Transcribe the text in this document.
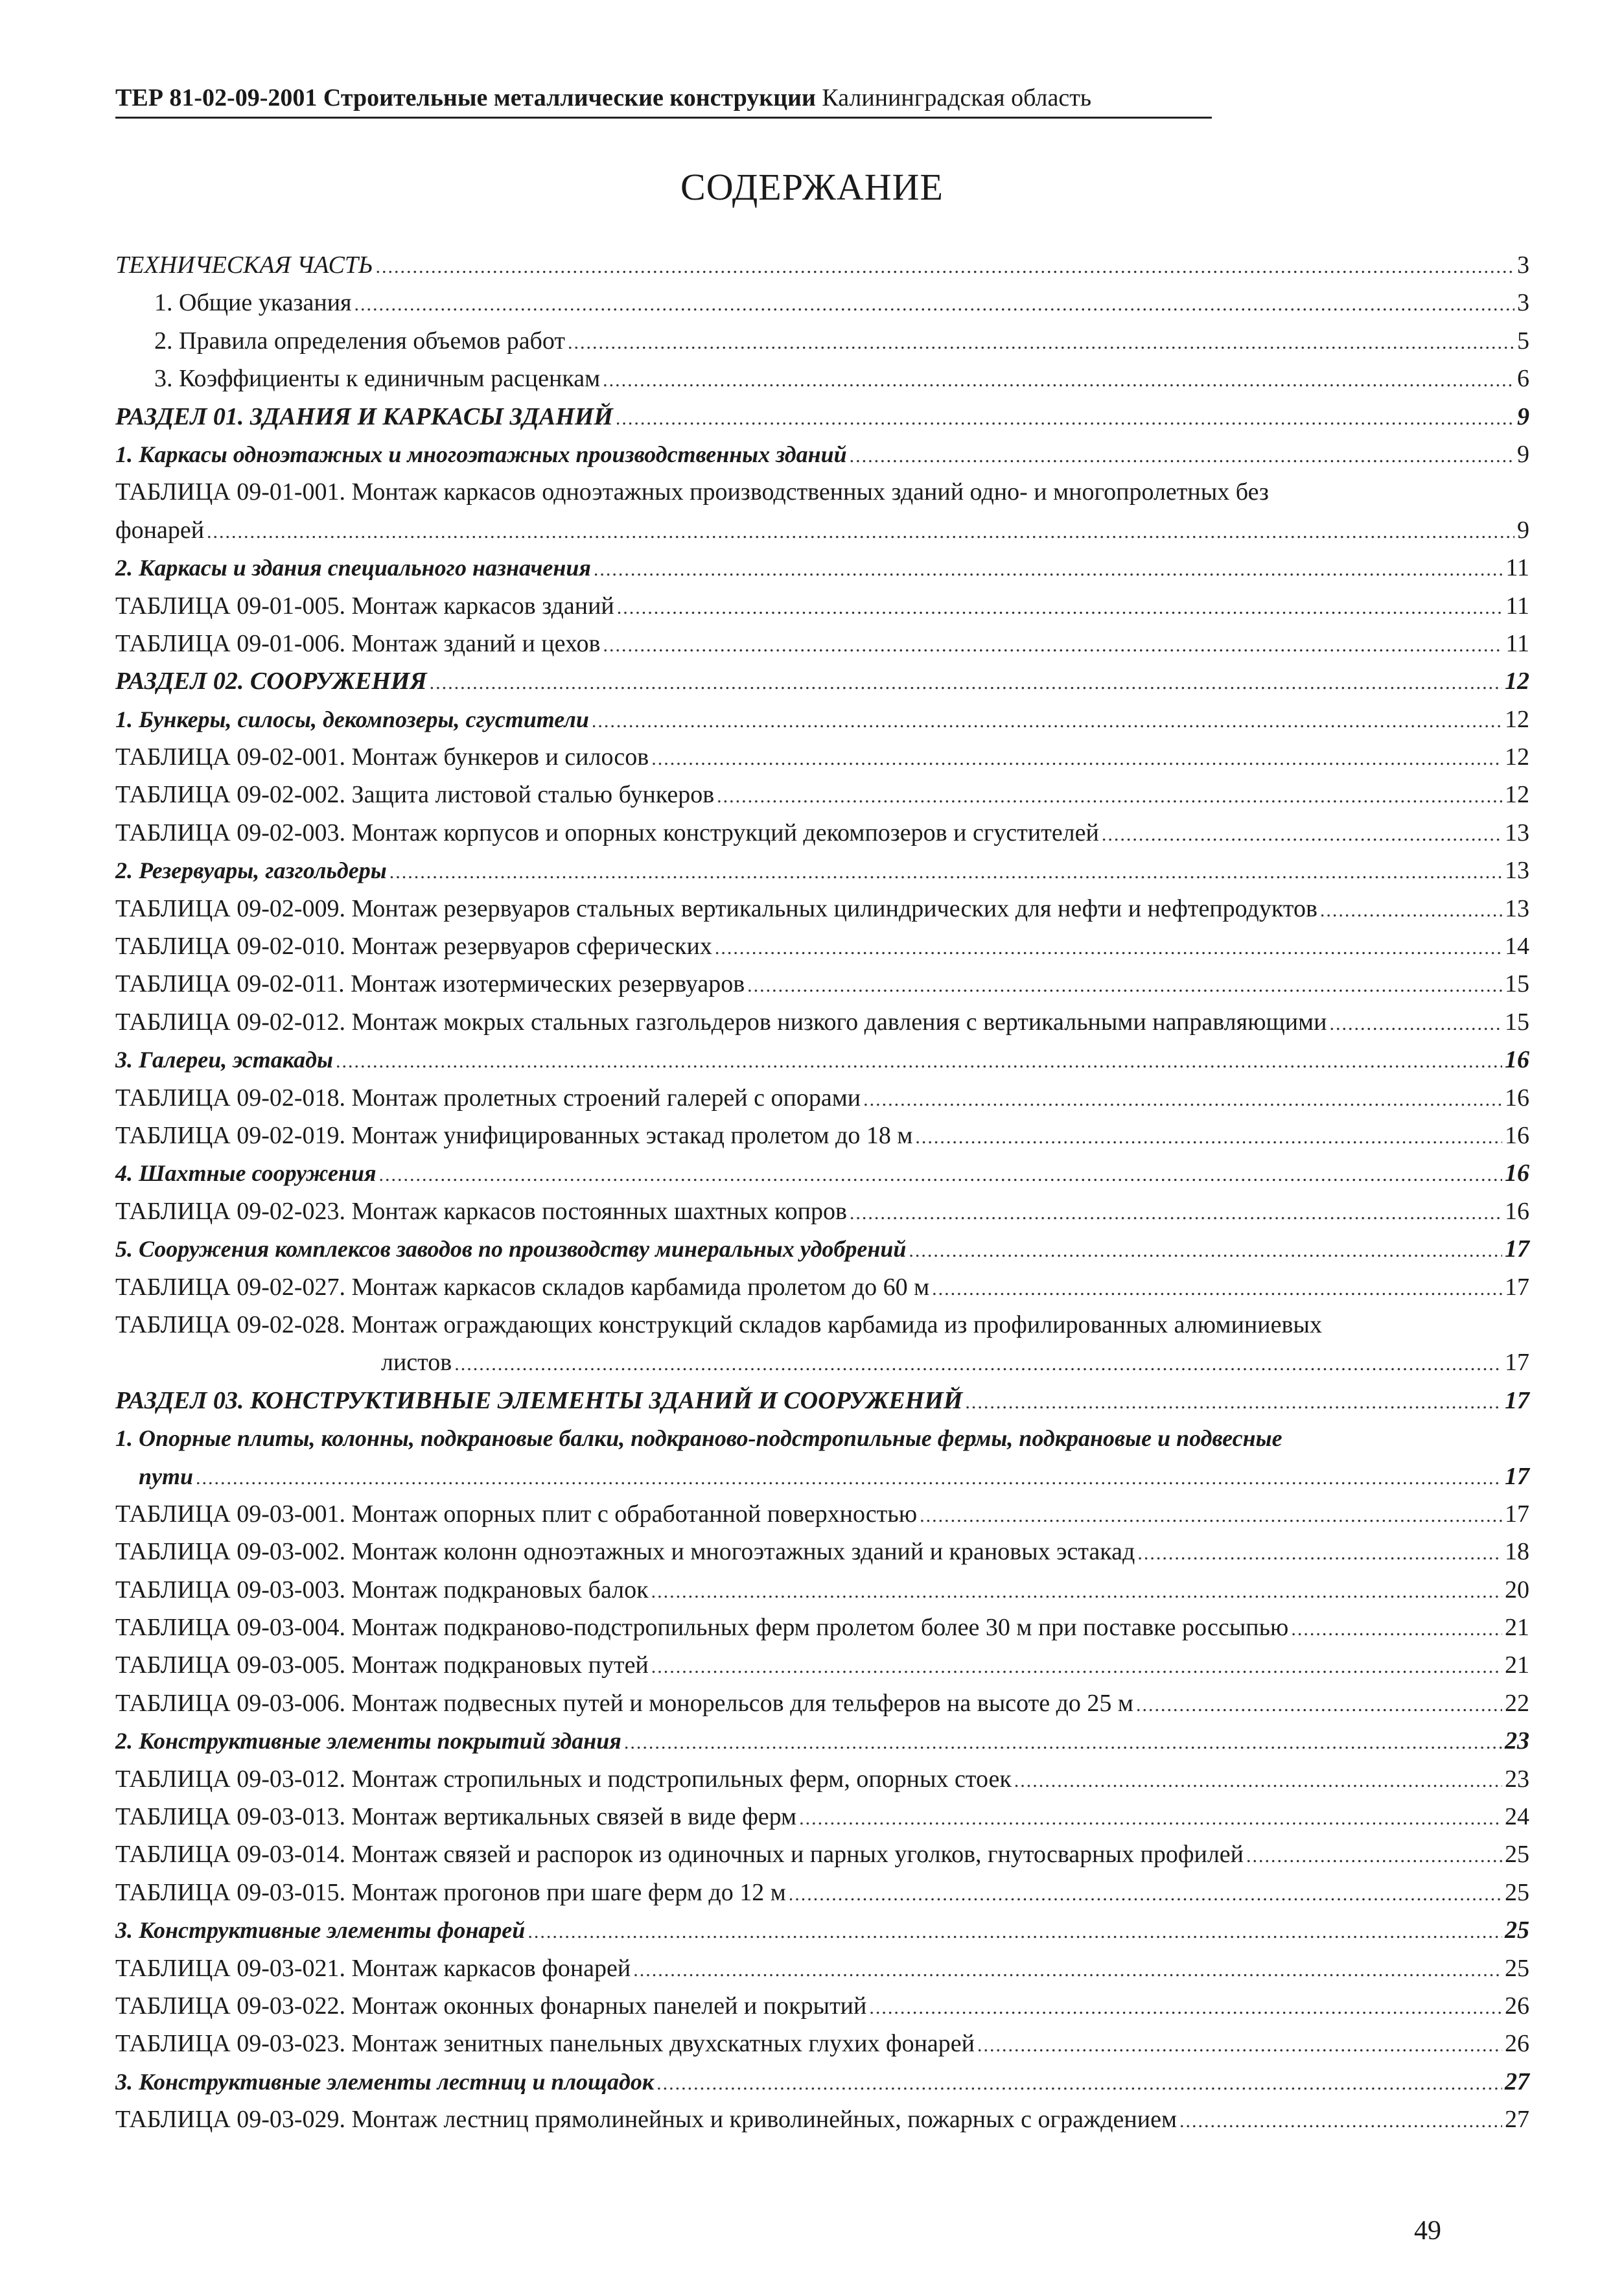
ТЕР 81-02-09-2001 Строительные металлические конструкции Калининградская область
СОДЕРЖАНИЕ
ТЕХНИЧЕСКАЯ ЧАСТЬ .....	3
1. Общие указания .....	3
2. Правила определения объемов работ .....	5
3. Коэффициенты к единичным расценкам .....	6
РАЗДЕЛ 01. ЗДАНИЯ И КАРКАСЫ ЗДАНИЙ .....	9
1. Каркасы одноэтажных и многоэтажных производственных зданий .....	9
ТАБЛИЦА 09-01-001. Монтаж каркасов одноэтажных производственных зданий одно- и многопролетных без
фонарей .....	9
2. Каркасы и здания специального назначения .....	11
ТАБЛИЦА 09-01-005. Монтаж каркасов зданий .....	11
ТАБЛИЦА 09-01-006. Монтаж зданий и цехов .....	11
РАЗДЕЛ 02. СООРУЖЕНИЯ .....	12
1. Бункеры, силосы, декомпозеры, сгустители .....	12
ТАБЛИЦА 09-02-001. Монтаж бункеров и силосов .....	12
ТАБЛИЦА 09-02-002. Защита листовой сталью бункеров .....	12
ТАБЛИЦА 09-02-003. Монтаж корпусов и опорных конструкций декомпозеров и сгустителей .....	13
2. Резервуары, газгольдеры .....	13
ТАБЛИЦА 09-02-009. Монтаж резервуаров стальных вертикальных цилиндрических для нефти и нефтепродуктов .....	13
ТАБЛИЦА 09-02-010. Монтаж резервуаров сферических .....	14
ТАБЛИЦА 09-02-011. Монтаж изотермических резервуаров .....	15
ТАБЛИЦА 09-02-012. Монтаж мокрых стальных газгольдеров низкого давления с вертикальными направляющими .....	15
3. Галереи, эстакады .....	16
ТАБЛИЦА 09-02-018. Монтаж пролетных строений галерей с опорами .....	16
ТАБЛИЦА 09-02-019. Монтаж унифицированных эстакад пролетом до 18 м .....	16
4. Шахтные сооружения .....	16
ТАБЛИЦА 09-02-023. Монтаж каркасов постоянных шахтных копров .....	16
5. Сооружения комплексов заводов по производству минеральных удобрений .....	17
ТАБЛИЦА 09-02-027. Монтаж каркасов складов карбамида пролетом до 60 м .....	17
ТАБЛИЦА 09-02-028. Монтаж ограждающих конструкций складов карбамида из профилированных алюминиевых
листов .....	17
РАЗДЕЛ 03. КОНСТРУКТИВНЫЕ ЭЛЕМЕНТЫ ЗДАНИЙ И СООРУЖЕНИЙ .....	17
1. Опорные плиты, колонны, подкрановые балки, подкраново-подстропильные фермы, подкрановые и подвесные
пути .....	17
ТАБЛИЦА 09-03-001. Монтаж опорных плит с обработанной поверхностью .....	17
ТАБЛИЦА 09-03-002. Монтаж колонн одноэтажных и многоэтажных зданий и крановых эстакад .....	18
ТАБЛИЦА 09-03-003. Монтаж подкрановых балок .....	20
ТАБЛИЦА 09-03-004. Монтаж подкраново-подстропильных ферм пролетом более 30 м при поставке россыпью .....	21
ТАБЛИЦА 09-03-005. Монтаж подкрановых путей .....	21
ТАБЛИЦА 09-03-006. Монтаж подвесных путей и монорельсов для тельферов на высоте до 25 м .....	22
2. Конструктивные элементы покрытий здания .....	23
ТАБЛИЦА 09-03-012. Монтаж стропильных и подстропильных ферм, опорных стоек .....	23
ТАБЛИЦА 09-03-013. Монтаж вертикальных связей в виде ферм .....	24
ТАБЛИЦА 09-03-014. Монтаж связей и распорок из одиночных и парных уголков, гнутосварных профилей .....	25
ТАБЛИЦА 09-03-015. Монтаж прогонов при шаге ферм до 12 м .....	25
3. Конструктивные элементы фонарей .....	25
ТАБЛИЦА 09-03-021. Монтаж каркасов фонарей .....	25
ТАБЛИЦА 09-03-022. Монтаж оконных фонарных панелей и покрытий .....	26
ТАБЛИЦА 09-03-023. Монтаж зенитных панельных двухскатных глухих фонарей .....	26
3. Конструктивные элементы лестниц и площадок .....	27
ТАБЛИЦА 09-03-029. Монтаж лестниц прямолинейных и криволинейных, пожарных с ограждением .....	27
49
